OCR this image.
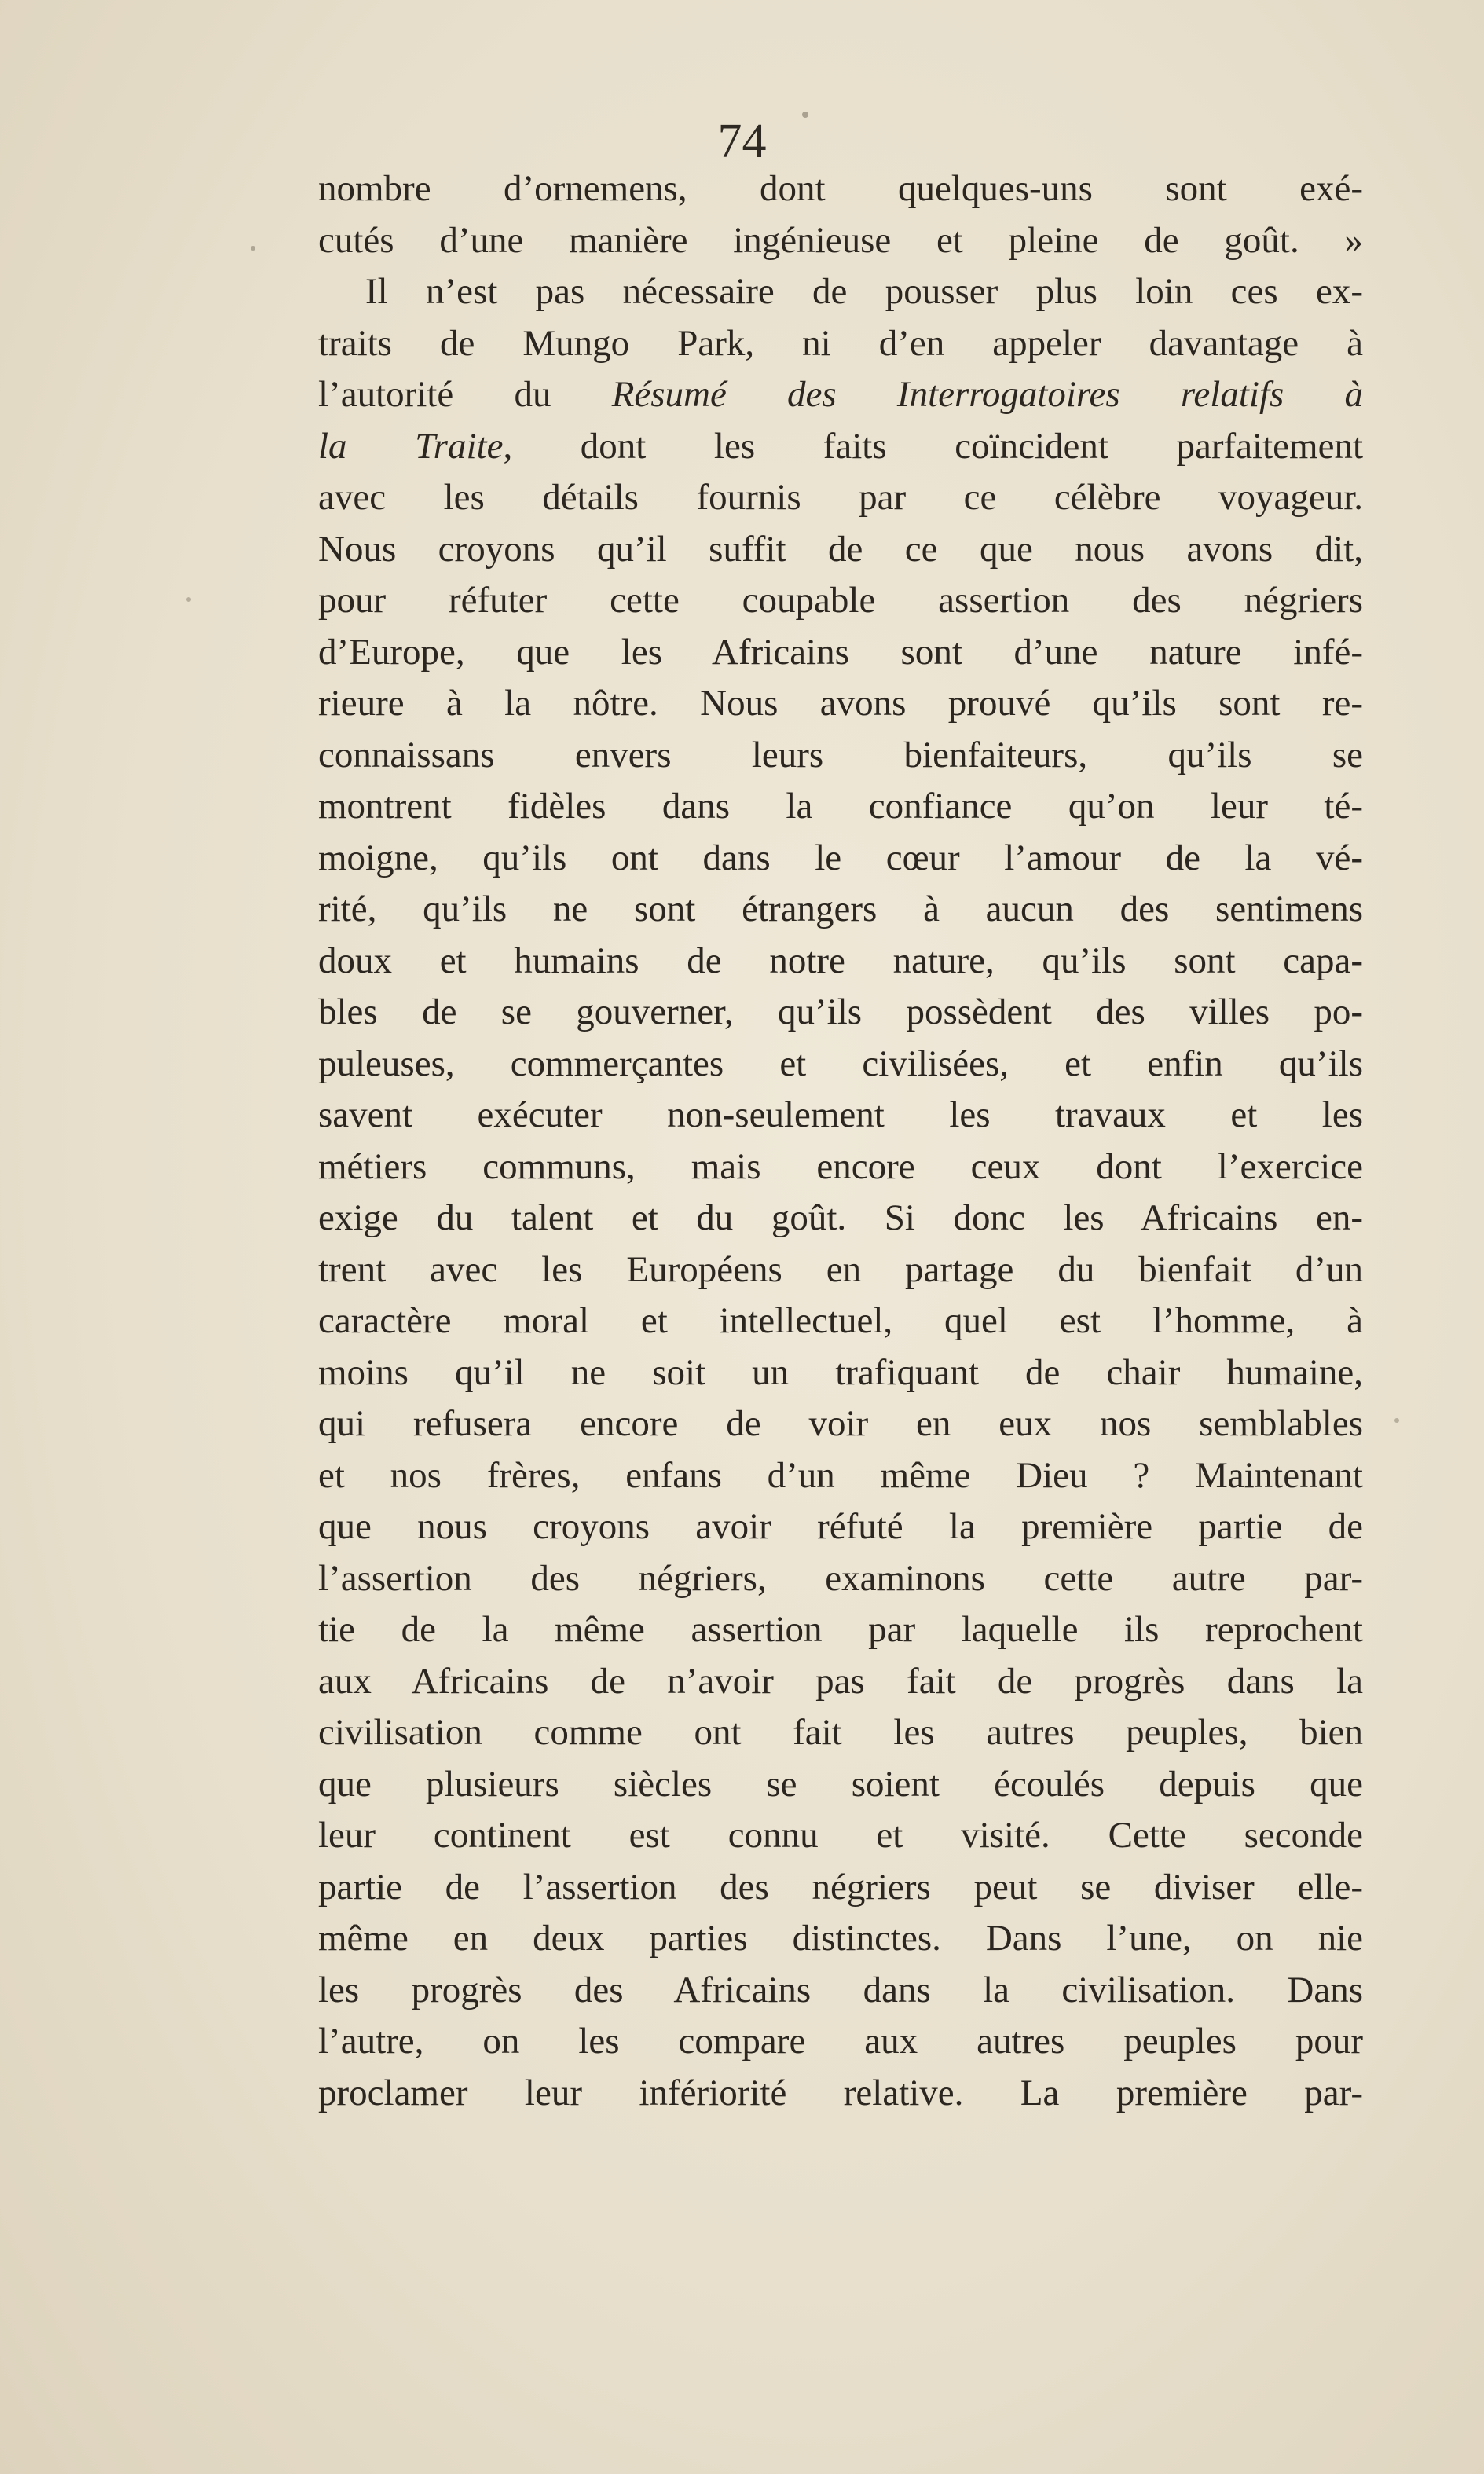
74
nombre d’ornemens, dont quelques-uns sont exé-
cutés d’une manière ingénieuse et pleine de goût. »
Il n’est pas nécessaire de pousser plus loin ces ex-
traits de Mungo Park, ni d’en appeler davantage à
l’autorité du Résumé des Interrogatoires relatifs à
la Traite, dont les faits coïncident parfaitement
avec les détails fournis par ce célèbre voyageur.
Nous croyons qu’il suffit de ce que nous avons dit,
pour réfuter cette coupable assertion des négriers
d’Europe, que les Africains sont d’une nature infé-
rieure à la nôtre. Nous avons prouvé qu’ils sont re-
connaissans envers leurs bienfaiteurs, qu’ils se
montrent fidèles dans la confiance qu’on leur té-
moigne, qu’ils ont dans le cœur l’amour de la vé-
rité, qu’ils ne sont étrangers à aucun des sentimens
doux et humains de notre nature, qu’ils sont capa-
bles de se gouverner, qu’ils possèdent des villes po-
puleuses, commerçantes et civilisées, et enfin qu’ils
savent exécuter non-seulement les travaux et les
métiers communs, mais encore ceux dont l’exercice
exige du talent et du goût. Si donc les Africains en-
trent avec les Européens en partage du bienfait d’un
caractère moral et intellectuel, quel est l’homme, à
moins qu’il ne soit un trafiquant de chair humaine,
qui refusera encore de voir en eux nos semblables
et nos frères, enfans d’un même Dieu ? Maintenant
que nous croyons avoir réfuté la première partie de
l’assertion des négriers, examinons cette autre par-
tie de la même assertion par laquelle ils reprochent
aux Africains de n’avoir pas fait de progrès dans la
civilisation comme ont fait les autres peuples, bien
que plusieurs siècles se soient écoulés depuis que
leur continent est connu et visité. Cette seconde
partie de l’assertion des négriers peut se diviser elle-
même en deux parties distinctes. Dans l’une, on nie
les progrès des Africains dans la civilisation. Dans
l’autre, on les compare aux autres peuples pour
proclamer leur infériorité relative. La première par-
